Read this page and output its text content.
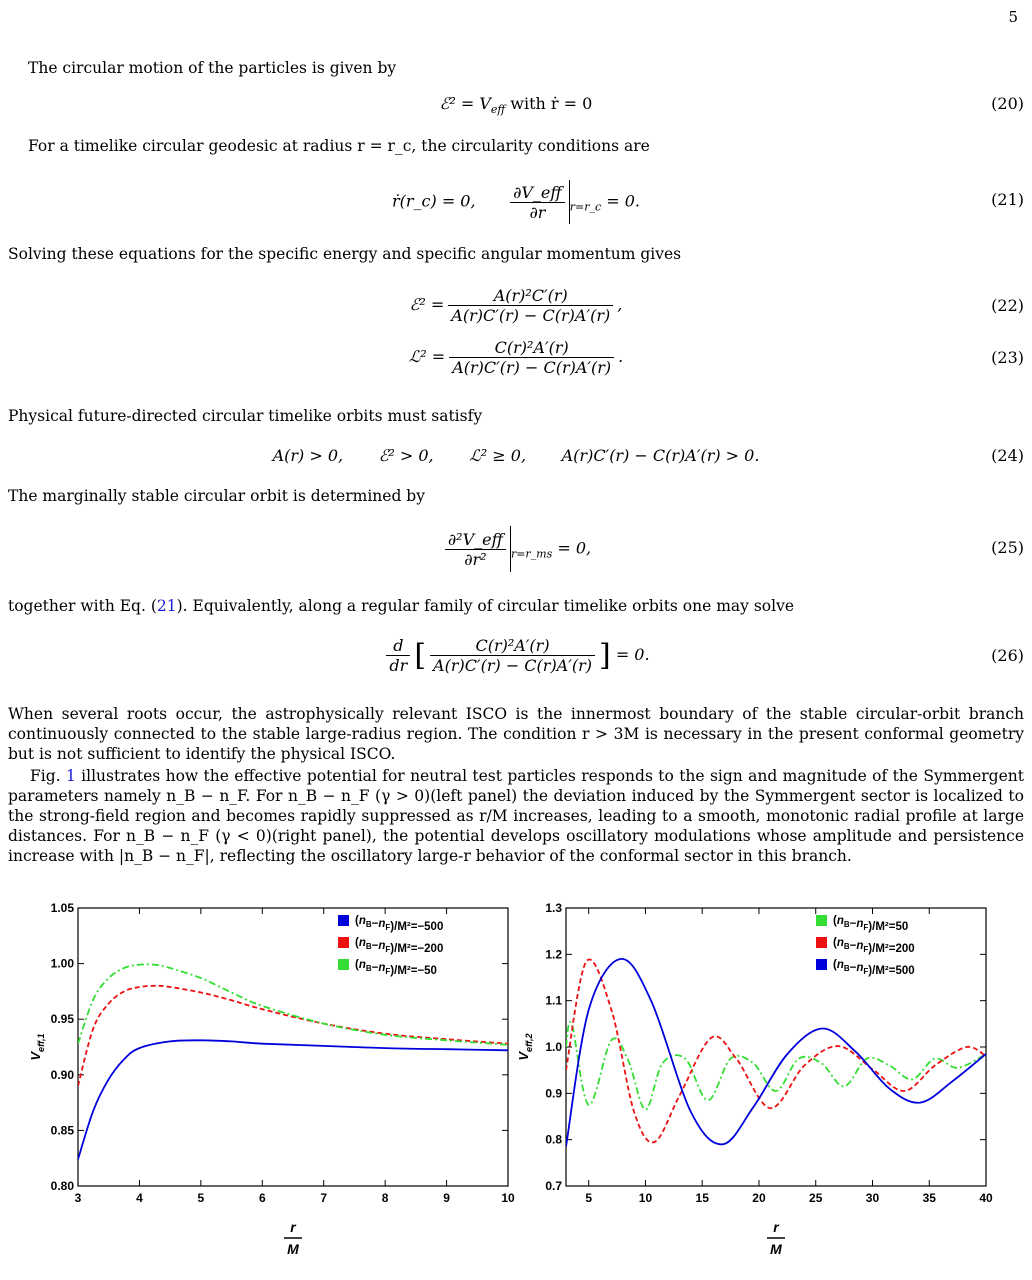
5
The circular motion of the particles is given by
ℰ² = $V_{eff}$ with ṙ = 0	(20)
For a timelike circular geodesic at radius r = r_c, the circularity conditions are
ṙ(r_c) = 0, $\frac{\text{∂V\_eff}}{\partial r} _{r=r\_c} = 0$.	(21)
Solving these equations for the specific energy and specific angular momentum gives
ℰ² = $\frac{\text{A(r)²C′(r)}}{A(r)C'(r) - C(r)A'(r)}$ ,	(22)
ℒ² = $\frac{\text{C(r)²A′(r)}}{A(r)C'(r) - C(r)A'(r)}$ .	(23)
Physical future-directed circular timelike orbits must satisfy
A(r) > 0,       ℰ² > 0,       ℒ² ≥ 0,       A(r)C′(r) − C(r)A′(r) > 0.	(24)
The marginally stable circular orbit is determined by
$\frac{\text{∂²V\_eff}}{\text{∂r²}} _{r=r\_ms} = 0$,	(25)
together with Eq. (21). Equivalently, along a regular family of circular timelike orbits one may solve
$\frac{d}{dr}$ [ $\frac{\text{C(r)²A′(r)}}{A(r)C'(r) - C(r)A'(r)}$ ] = 0.	(26)
When several roots occur, the astrophysically relevant ISCO is the innermost boundary of the stable circular-orbit branch continuously connected to the stable large-radius region. The condition r > 3M is necessary in the present conformal geometry but is not sufficient to identify the physical ISCO.
Fig. 1 illustrates how the effective potential for neutral test particles responds to the sign and magnitude of the Symmergent parameters namely n_B − n_F. For n_B − n_F (γ > 0)(left panel) the deviation induced by the Symmergent sector is localized to the strong-field region and becomes rapidly suppressed as r/M increases, leading to a smooth, monotonic radial profile at large distances. For n_B − n_F (γ < 0)(right panel), the potential develops oscillatory modulations whose amplitude and persistence increase with |n_B − n_F|, reflecting the oscillatory large-r behavior of the conformal sector in this branch.
0.80
0.85
0.90
0.95
1.00
1.05
3	4	5	6	7	8	9	10
$V_{eff,1}$
r
M
$(n_B-n_F)/M^2=-500$
$(n_B-n_F)/M^2=-200$
$(n_B-n_F)/M^2=-50$
0.7
0.8
0.9
1.0
1.1
1.2
1.3
5	10	15	20	25	30	35	40
$V_{eff,2}$
r
M
$(n_B-n_F)/M^2=50$
$(n_B-n_F)/M^2=200$
$(n_B-n_F)/M^2=500$
